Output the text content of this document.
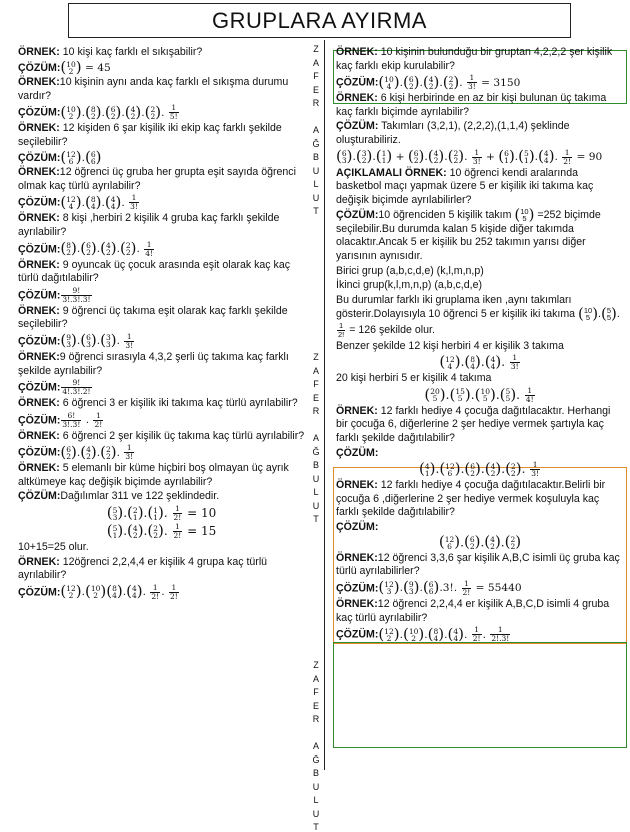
GRUPLARA AYIRMA
Z
A
F
E
R
A
Ğ
B
U
L
U
T
Z
A
F
E
R
A
Ğ
B
U
L
U
T
Z
A
F
E
R
A
Ğ
B
U
L
U
T
ÖRNEK: 10 kişi kaç farklı el sıkışabilir?
ÇÖZÜM:( 10
2 ) = 45
ÖRNEK:10 kişinin aynı anda kaç farklı el sıkışma durumu vardır?
ÇÖZÜM:( 10
2 ).( 8
2 ).( 6
2 ).( 4
2 ).( 2
2 ). $\frac{1}{5!}$
ÖRNEK: 12 kişiden 6 şar kişilik iki ekip kaç farklı şekilde seçilebilir?
ÇÖZÜM:( 12
6 ).( 6
6 )
ÖRNEK:12 öğrenci üç gruba her grupta eşit sayıda öğrenci olmak kaç türlü ayrılabilir?
ÇÖZÜM:( 12
4 ).( 8
4 ).( 4
4 ). $\frac{1}{3!}$
ÖRNEK: 8 kişi ,herbiri 2 kişilik 4 gruba kaç farklı şekilde ayrılabilir?
ÇÖZÜM:( 8
2 ).( 6
2 ).( 4
2 ).( 2
2 ). $\frac{1}{4!}$
ÖRNEK: 9 oyuncak üç çocuk arasında eşit olarak kaç kaç türlü dağıtılabilir?
ÇÖZÜM: $\frac{9!}{3!.3!.3!}$
ÖRNEK: 9 öğrenci üç takıma eşit olarak kaç farklı şekilde seçilebilir?
ÇÖZÜM:( 9
3 ).( 6
3 ).( 3
3 ). $\frac{1}{3!}$
ÖRNEK:9 öğrenci sırasıyla 4,3,2 şerli üç takıma kaç farklı şekilde ayrılabilir?
ÇÖZÜM: $\frac{9!}{4!.3!.2!}$
ÖRNEK: 6 öğrenci 3 er kişilik iki takıma kaç türlü ayrılabilir?
ÇÖZÜM: $\frac{6!}{3!.3!}$ . $\frac{1}{2!}$
ÖRNEK: 6 öğrenci 2 şer kişilik üç takıma kaç türlü ayrılabilir?
ÇÖZÜM:( 6
2 ).( 4
2 ).( 2
2 ). $\frac{1}{3!}$
ÖRNEK: 5 elemanlı bir küme hiçbiri boş olmayan üç ayrık altkümeye kaç değişik biçimde ayrılabilir?
ÇÖZÜM:Dağılımlar 311 ve 122 şeklindedir.
( 5
3 ).( 2
1 ).( 1
1 ). $\frac{1}{2!} = 10$
( 5
1 ).( 4
2 ).( 2
2 ). $\frac{1}{2!} = 15$
10+15=25 olur.
ÖRNEK: 12öğrenci 2,2,4,4 er kişilik 4 grupa kaç türlü ayrılabilir?
ÇÖZÜM:( 12
2 ).( 10
2 )( 8
4 ).( 4
4 ). $\frac{1}{2!}$ . $\frac{1}{2!}$
ÖRNEK: 10 kişinin bulunduğu bir gruptan 4,2,2,2 şer kişilik kaç farklı ekip kurulabilir?
ÇÖZÜM:( 10
4 ).( 6
2 ).( 4
2 ).( 2
2 ). $\frac{1}{3!} = 3150$
ÖRNEK: 6 kişi herbirinde en az bir kişi bulunan üç takıma kaç farklı biçimde ayrılabilir?
ÇÖZÜM: Takımları (3,2,1), (2,2,2),(1,1,4) şeklinde oluşturabiliriz.
( 6
3 ).( 3
2 ).( 1
1 ) + ( 6
2 ).( 4
2 ).( 2
2 ). $\frac{1}{3!}$ + ( 6
1 ).( 5
1 ).( 4
4 ). $\frac{1}{2!} = 90$
AÇIKLAMALI ÖRNEK: 10 öğrenci kendi aralarında basketbol maçı yapmak üzere 5 er kişilik iki takıma kaç değişik biçimde ayrılabilirler?
ÇÖZÜM:10 öğrenciden 5 kişilik takım ( 10
5 ) =252 biçimde seçilebilir.Bu durumda kalan 5 kişide diğer takımda olacaktır.Ancak 5 er kişilik bu 252 takımın yarısı diğer yarısının aynısıdır.
Birici grup (a,b,c,d,e) (k,l,m,n,p)
İkinci grup(k,l,m,n,p) (a,b,c,d,e)
Bu durumlar farklı iki gruplama iken ,aynı takımları gösterir.Dolayısıyla 10 öğrenci 5 er kişilik iki takıma ( 10
5 ).( 5
5 ).
$\frac{1}{2!} = 126$ şekilde olur.
Benzer şekilde 12 kişi herbiri 4 er kişilik 3 takıma
( 12
4 ).( 8
4 ).( 4
4 ). $\frac{1}{3!}$
20 kişi herbiri 5 er kişilik 4 takıma
( 20
5 ).( 15
5 ).( 10
5 ).( 5
5 ). $\frac{1}{4!}$
ÖRNEK: 12 farklı hediye 4 çocuğa dağıtılacaktır. Herhangi bir çocuğa 6, diğerlerine 2 şer hediye vermek şartıyla kaç farklı şekilde dağıtılabilir?
ÇÖZÜM:
( 4
1 ).( 12
6 ).( 6
2 ).( 4
2 ).( 2
2 ). $\frac{1}{3!}$
ÖRNEK: 12 farklı hediye 4 çocuğa dağıtılacaktır.Belirli bir çocuğa 6 ,diğerlerine 2 şer hediye vermek koşuluyla kaç farklı şekilde dağıtılabilir?
ÇÖZÜM:
( 12
6 ).( 6
2 ).( 4
2 ).( 2
2 )
ÖRNEK:12 öğrenci 3,3,6 şar kişilik A,B,C isimli üç gruba kaç türlü ayrılabilirler?
ÇÖZÜM:( 12
3 ).( 9
3 ).( 6
6 ).3!. $\frac{1}{2!} = 55440$
ÖRNEK:12 öğrenci 2,2,4,4 er kişilik A,B,C,D isimli 4 gruba kaç türlü ayrılabilir?
ÇÖZÜM:( 12
2 ).( 10
2 ).( 8
4 ).( 4
4 ). $\frac{1}{2!}$ . $\frac{1}{2!.3!}$
